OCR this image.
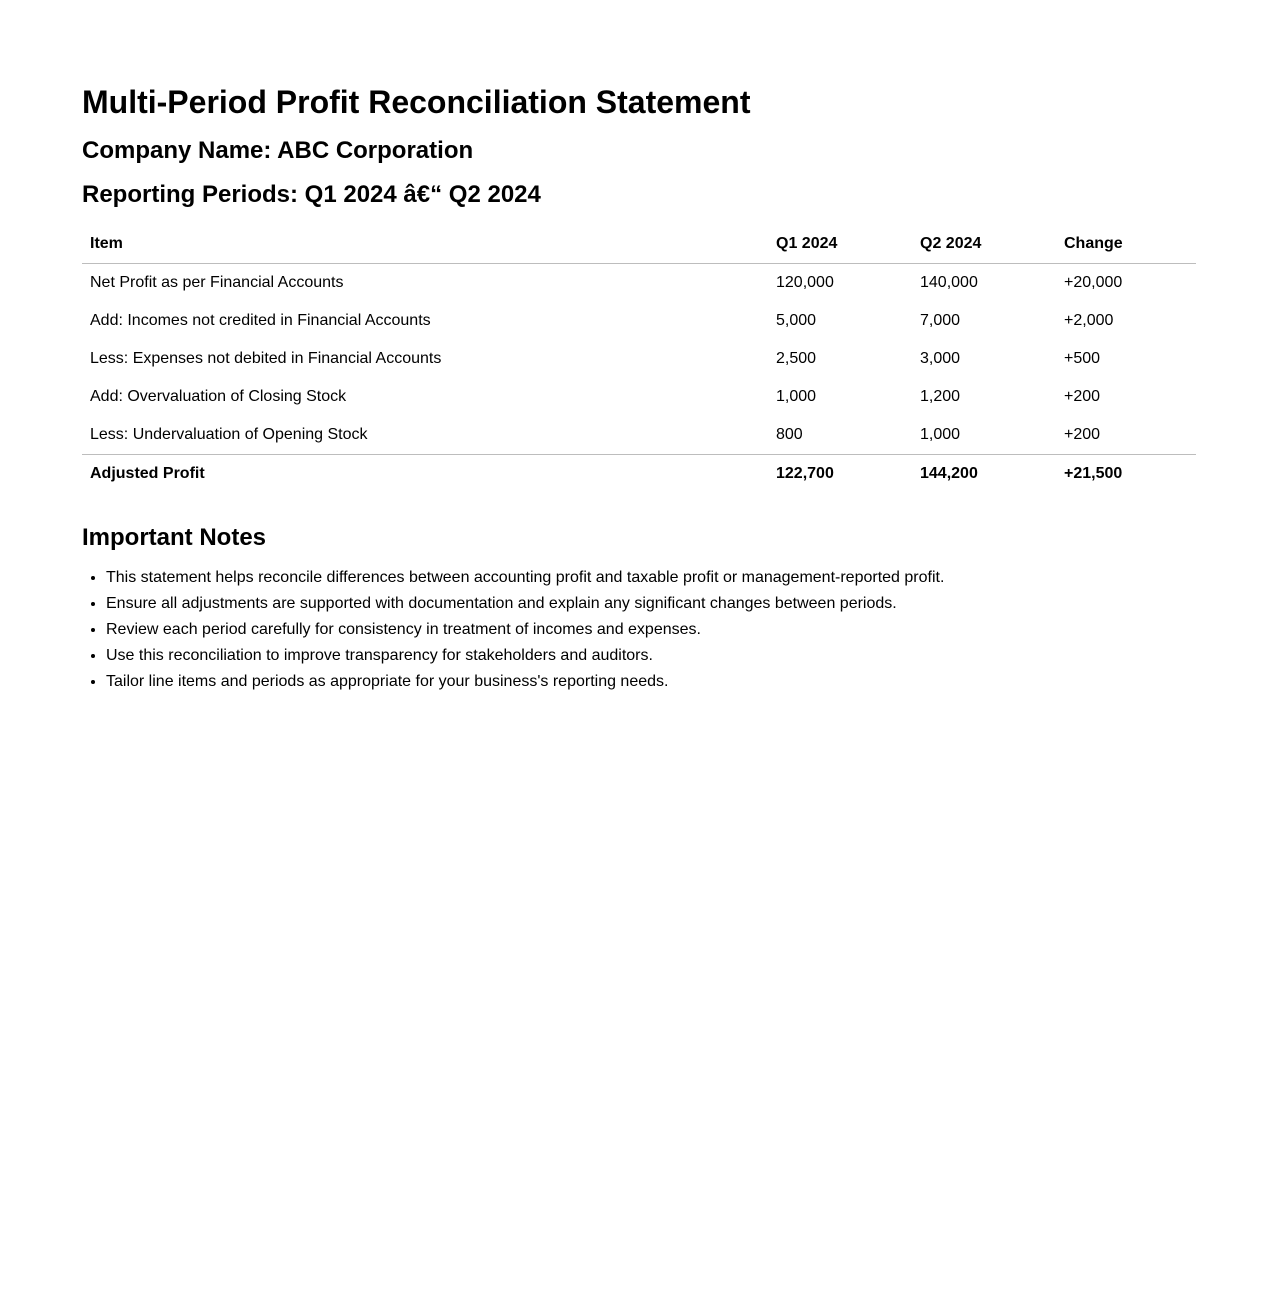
Multi-Period Profit Reconciliation Statement
Company Name: ABC Corporation
Reporting Periods: Q1 2024 â€“ Q2 2024
Item	Q1 2024	Q2 2024	Change
Net Profit as per Financial Accounts	120,000	140,000	+20,000
Add: Incomes not credited in Financial Accounts	5,000	7,000	+2,000
Less: Expenses not debited in Financial Accounts	2,500	3,000	+500
Add: Overvaluation of Closing Stock	1,000	1,200	+200
Less: Undervaluation of Opening Stock	800	1,000	+200
Adjusted Profit	122,700	144,200	+21,500
Important Notes
• This statement helps reconcile differences between accounting profit and taxable profit or management-reported profit.
• Ensure all adjustments are supported with documentation and explain any significant changes between periods.
• Review each period carefully for consistency in treatment of incomes and expenses.
• Use this reconciliation to improve transparency for stakeholders and auditors.
• Tailor line items and periods as appropriate for your business's reporting needs.
